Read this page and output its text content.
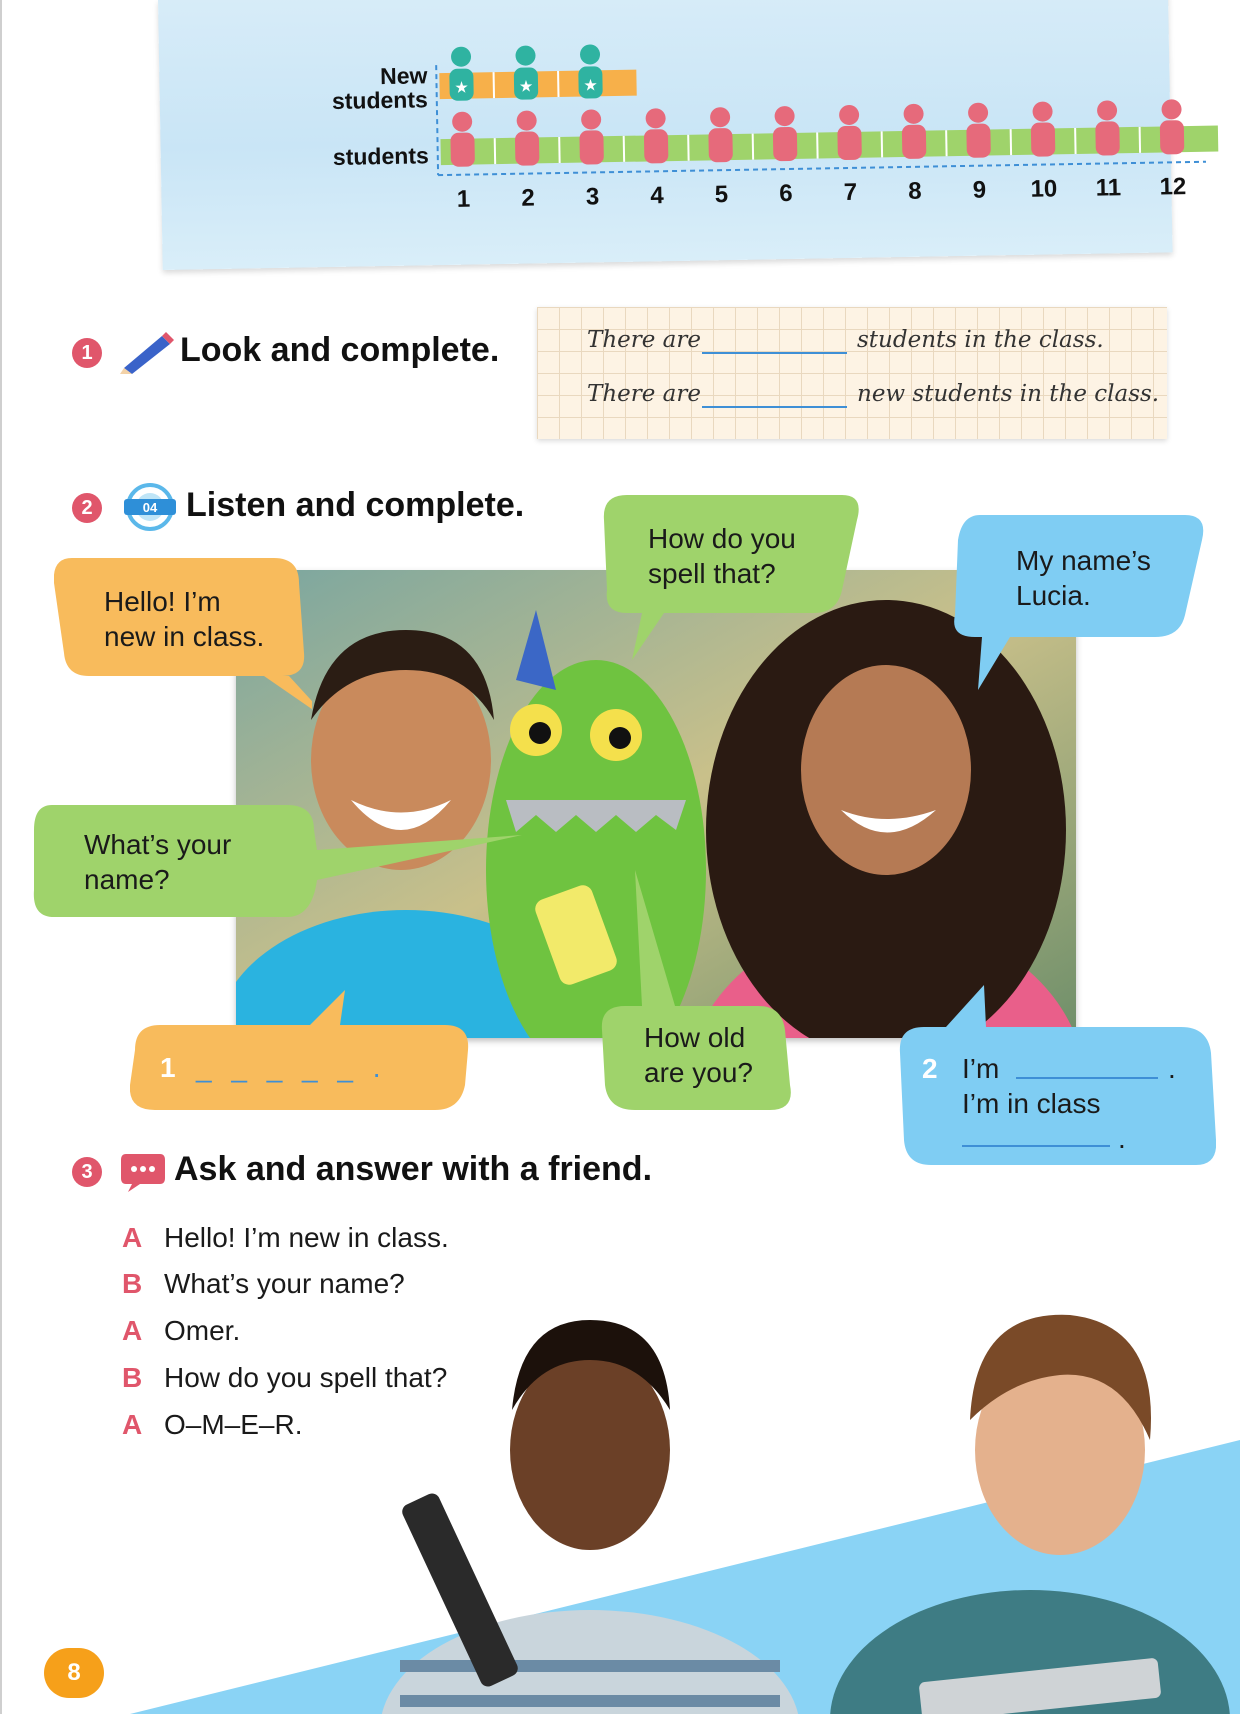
New
students
students
★	★	★
1 2 3 4 5 6 7 8 9 10 11 12
1	Look and complete.	There are	students in the class.
There are	new students in the class.
2	04 Listen and complete.
Hello! I’m
new in class.
How do you
spell that?	My name’s
Lucia.
What’s your
name?
1 _ _ _ _ _ .
How old
are you?	2 I’m	.
I’m in class
.
3 Ask and answer with a friend.
A Hello! I’m new in class.
B What’s your name?
A Omer.
B How do you spell that?
A O–M–E–R.
8
